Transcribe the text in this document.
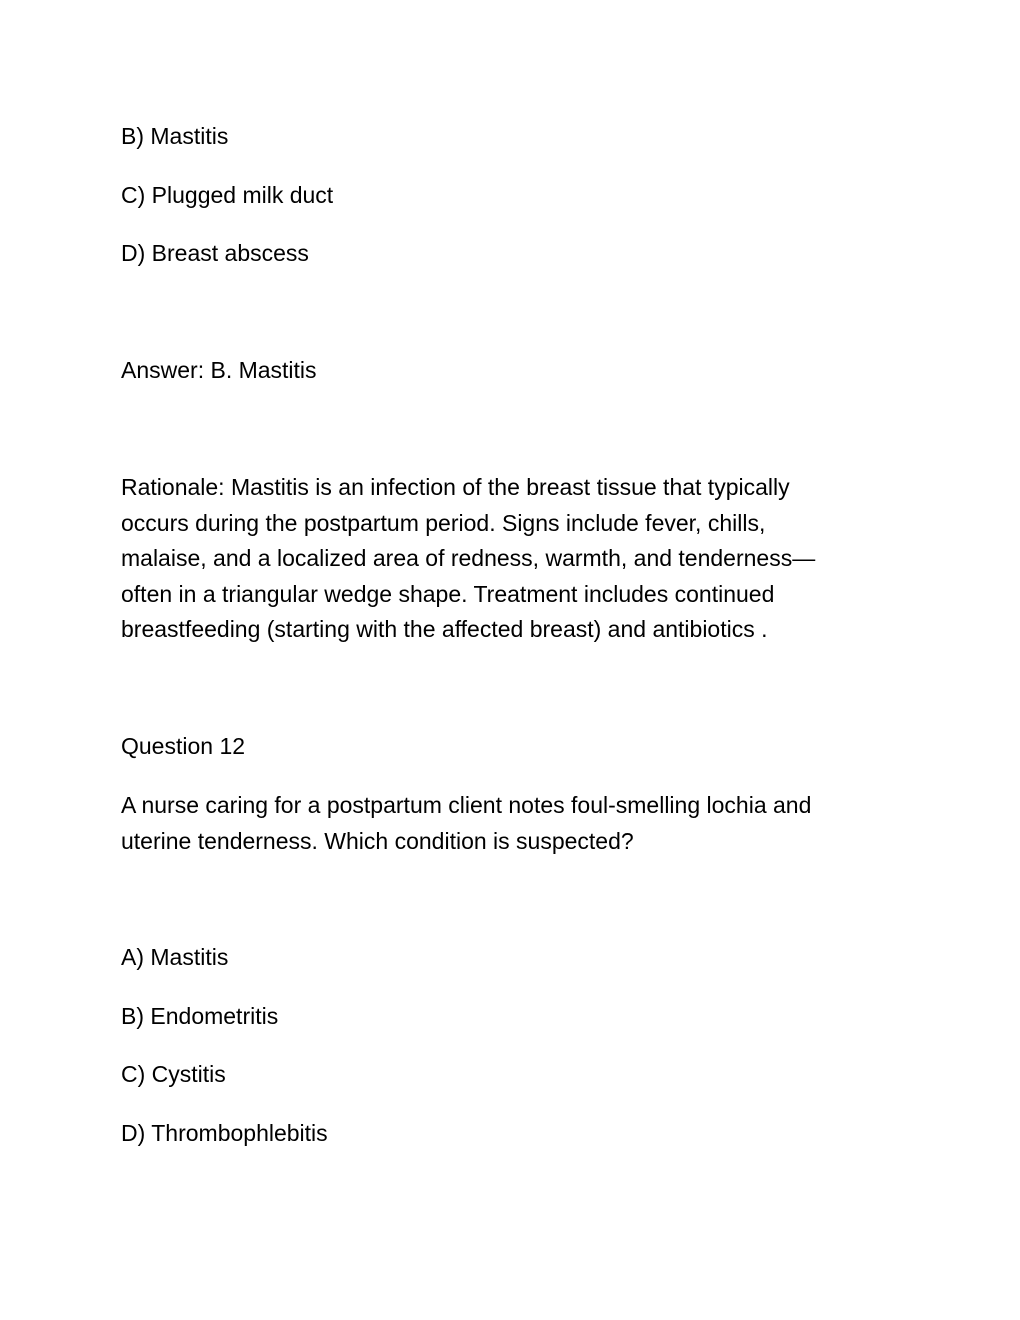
B) Mastitis

C) Plugged milk duct

D) Breast abscess

Answer: B. Mastitis

Rationale: Mastitis is an infection of the breast tissue that typically
occurs during the postpartum period. Signs include fever, chills,
malaise, and a localized area of redness, warmth, and tenderness—
often in a triangular wedge shape. Treatment includes continued
breastfeeding (starting with the affected breast) and antibiotics .

Question 12

A nurse caring for a postpartum client notes foul-smelling lochia and
uterine tenderness. Which condition is suspected?

A) Mastitis

B) Endometritis

C) Cystitis

D) Thrombophlebitis
